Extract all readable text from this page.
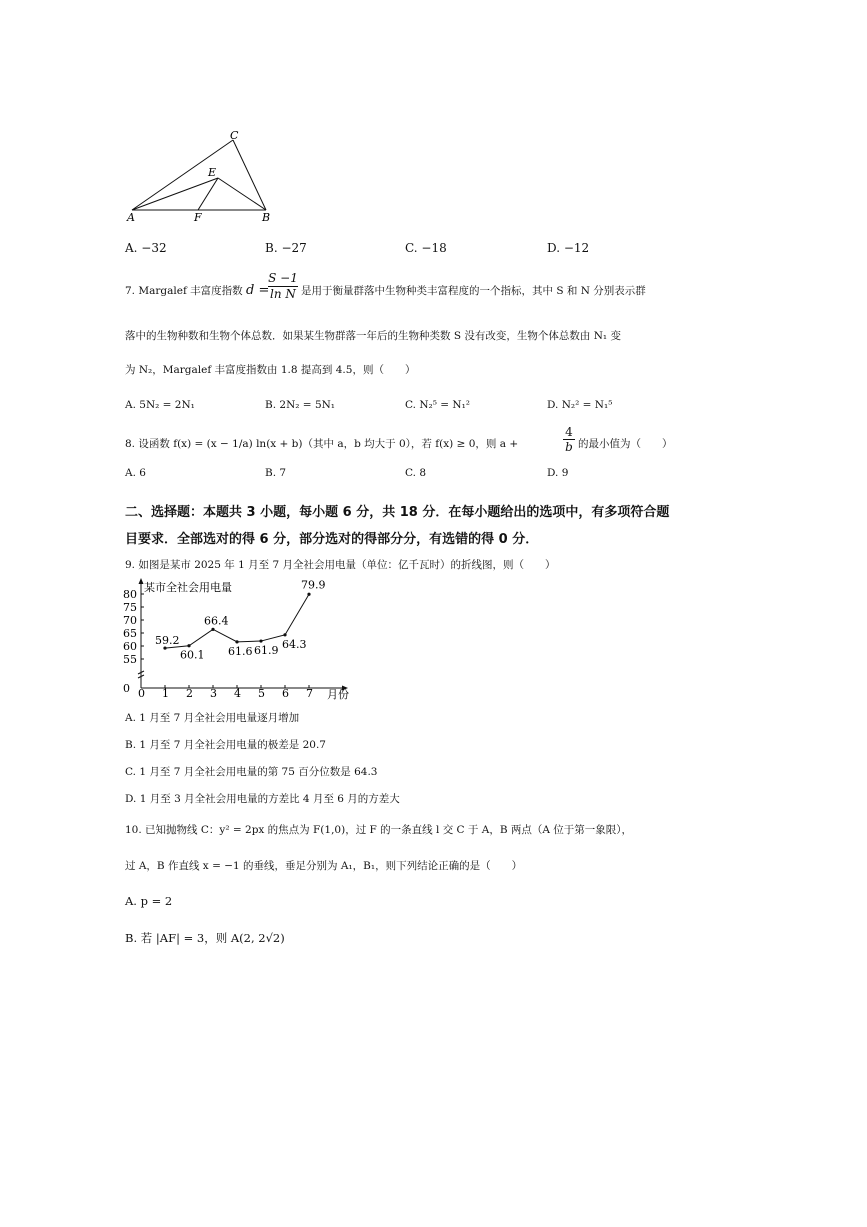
C
E
A	F	B
A. −32	B. −27	C. −18	D. −12
7. Margalef 丰富度指数 d =
$\frac{S -1}{\text{ln N}}$ 是用于衡量群落中生物种类丰富程度的一个指标，其中 S 和 N 分别表示群
落中的生物种数和生物个体总数．如果某生物群落一年后的生物种类数 S 没有改变，生物个体总数由 N₁ 变
为 N₂，Margalef 丰富度指数由 1.8 提高到 4.5，则（　　）
A. 5N₂ = 2N₁	B. 2N₂ = 5N₁	C. N₂⁵ = N₁²	D. N₂² = N₁⁵
8. 设函数 f(x) = (x − 1/a) ln(x + b)（其中 a，b 均大于 0），若 f(x) ≥ 0，则 a +	$\frac{4}{b}$ 的最小值为（　　）
A. 6	B. 7	C. 8	D. 9
二、选择题：本题共 3 小题，每小题 6 分，共 18 分．在每小题给出的选项中，有多项符合题
目要求．全部选对的得 6 分，部分选对的得部分分，有选错的得 0 分．
9. 如图是某市 2025 年 1 月至 7 月全社会用电量（单位：亿千瓦时）的折线图，则（　　）
某市全社会用电量
月份
0 1 2 3 4 5 6 7
0
55
60
65
70
75
80
59.2
60.1
66.4
61.6 61.9 64.3
79.9
A. 1 月至 7 月全社会用电量逐月增加
B. 1 月至 7 月全社会用电量的极差是 20.7
C. 1 月至 7 月全社会用电量的第 75 百分位数是 64.3
D. 1 月至 3 月全社会用电量的方差比 4 月至 6 月的方差大
10. 已知抛物线 C：y² = 2px 的焦点为 F(1,0)，过 F 的一条直线 l 交 C 于 A，B 两点（A 位于第一象限），
过 A，B 作直线 x = −1 的垂线，垂足分别为 A₁，B₁，则下列结论正确的是（　　）
A. p = 2
B. 若 |AF| = 3，则 A(2, 2√2)
